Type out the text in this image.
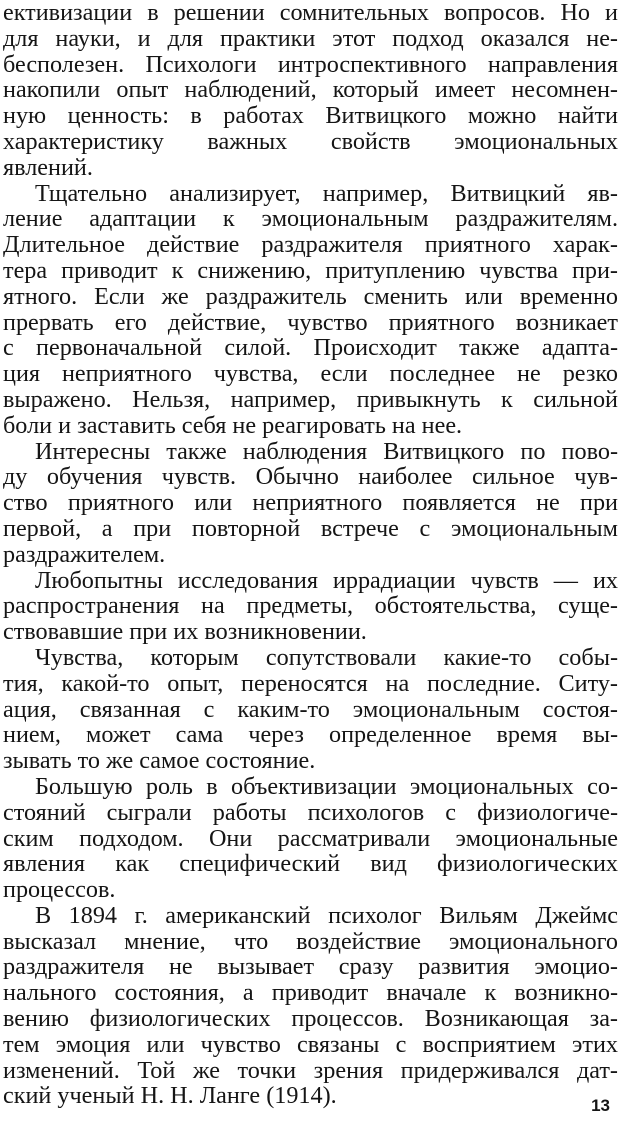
ективизации в решении сомнительных вопросов. Но и
для науки, и для практики этот подход оказался не-
бесполезен. Психологи интроспективного направления
накопили опыт наблюдений, который имеет несомнен-
ную ценность: в работах Витвицкого можно найти
характеристику важных свойств эмоциональных
явлений.
Тщательно анализирует, например, Витвицкий яв-
ление адаптации к эмоциональным раздражителям.
Длительное действие раздражителя приятного харак-
тера приводит к снижению, притуплению чувства при-
ятного. Если же раздражитель сменить или временно
прервать его действие, чувство приятного возникает
с первоначальной силой. Происходит также адапта-
ция неприятного чувства, если последнее не резко
выражено. Нельзя, например, привыкнуть к сильной
боли и заставить себя не реагировать на нее.
Интересны также наблюдения Витвицкого по пово-
ду обучения чувств. Обычно наиболее сильное чув-
ство приятного или неприятного появляется не при
первой, а при повторной встрече с эмоциональным
раздражителем.
Любопытны исследования иррадиации чувств — их
распространения на предметы, обстоятельства, суще-
ствовавшие при их возникновении.
Чувства, которым сопутствовали какие-то собы-
тия, какой-то опыт, переносятся на последние. Ситу-
ация, связанная с каким-то эмоциональным состоя-
нием, может сама через определенное время вы-
зывать то же самое состояние.
Большую роль в объективизации эмоциональных со-
стояний сыграли работы психологов с физиологиче-
ским подходом. Они рассматривали эмоциональные
явления как специфический вид физиологических
процессов.
В 1894 г. американский психолог Вильям Джеймс
высказал мнение, что воздействие эмоционального
раздражителя не вызывает сразу развития эмоцио-
нального состояния, а приводит вначале к возникно-
вению физиологических процессов. Возникающая за-
тем эмоция или чувство связаны с восприятием этих
изменений. Той же точки зрения придерживался дат-
ский ученый Н. Н. Ланге (1914).	13
